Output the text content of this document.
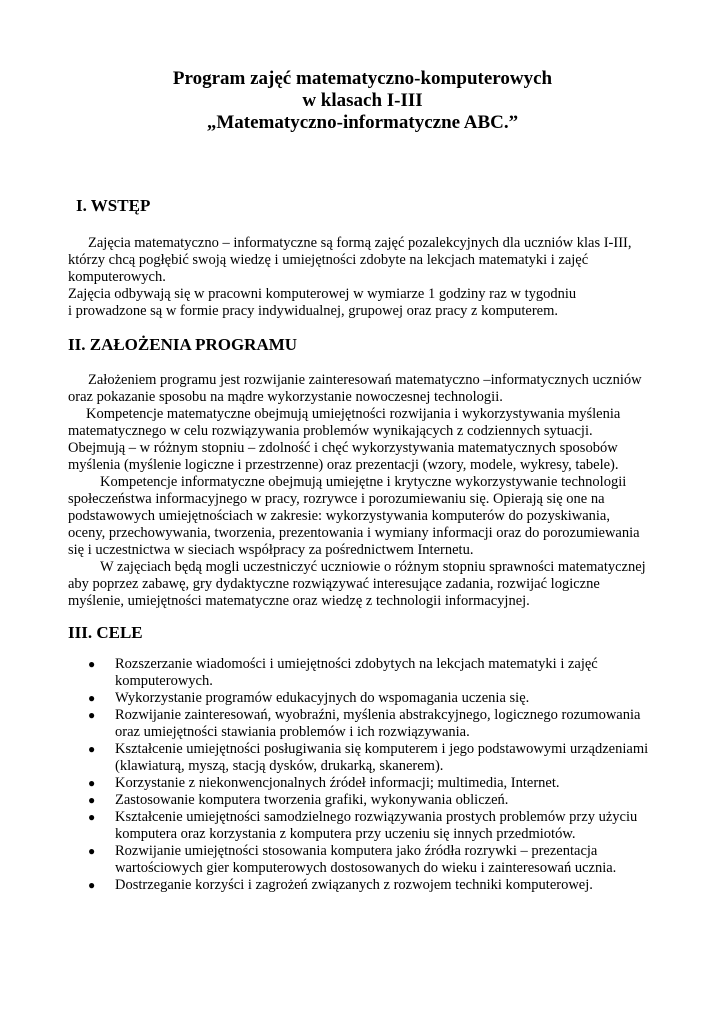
Program zajęć matematyczno-komputerowych
w klasach I-III
„Matematyczno-informatyczne ABC.”
I. WSTĘP
Zajęcia matematyczno – informatyczne są formą zajęć pozalekcyjnych dla uczniów klas I-III,
którzy chcą pogłębić swoją wiedzę i umiejętności zdobyte na lekcjach matematyki i zajęć
komputerowych.
Zajęcia odbywają się w pracowni komputerowej w wymiarze 1 godziny raz w tygodniu
i prowadzone są w formie pracy indywidualnej, grupowej oraz pracy z komputerem.
II. ZAŁOŻENIA PROGRAMU
Założeniem programu jest rozwijanie zainteresowań matematyczno –informatycznych uczniów
oraz pokazanie sposobu na mądre wykorzystanie nowoczesnej technologii.
Kompetencje matematyczne obejmują umiejętności rozwijania i wykorzystywania myślenia
matematycznego w celu rozwiązywania problemów wynikających z codziennych sytuacji.
Obejmują – w różnym stopniu – zdolność i chęć wykorzystywania matematycznych sposobów
myślenia (myślenie logiczne i przestrzenne) oraz prezentacji (wzory, modele, wykresy, tabele).
Kompetencje informatyczne obejmują umiejętne i krytyczne wykorzystywanie technologii
społeczeństwa informacyjnego w pracy, rozrywce i porozumiewaniu się. Opierają się one na
podstawowych umiejętnościach w zakresie: wykorzystywania komputerów do pozyskiwania,
oceny, przechowywania, tworzenia, prezentowania i wymiany informacji oraz do porozumiewania
się i uczestnictwa w sieciach współpracy za pośrednictwem Internetu.
W zajęciach będą mogli uczestniczyć uczniowie o różnym stopniu sprawności matematycznej
aby poprzez zabawę, gry dydaktyczne rozwiązywać interesujące zadania, rozwijać logiczne
myślenie, umiejętności matematyczne oraz wiedzę z technologii informacyjnej.
III. CELE
● Rozszerzanie wiadomości i umiejętności zdobytych na lekcjach matematyki i zajęć
komputerowych.
● Wykorzystanie programów edukacyjnych do wspomagania uczenia się.
● Rozwijanie zainteresowań, wyobraźni, myślenia abstrakcyjnego, logicznego rozumowania
oraz umiejętności stawiania problemów i ich rozwiązywania.
● Kształcenie umiejętności posługiwania się komputerem i jego podstawowymi urządzeniami
(klawiaturą, myszą, stacją dysków, drukarką, skanerem).
● Korzystanie z niekonwencjonalnych źródeł informacji; multimedia, Internet.
● Zastosowanie komputera tworzenia grafiki, wykonywania obliczeń.
● Kształcenie umiejętności samodzielnego rozwiązywania prostych problemów przy użyciu
komputera oraz korzystania z komputera przy uczeniu się innych przedmiotów.
● Rozwijanie umiejętności stosowania komputera jako źródła rozrywki – prezentacja
wartościowych gier komputerowych dostosowanych do wieku i zainteresowań ucznia.
● Dostrzeganie korzyści i zagrożeń związanych z rozwojem techniki komputerowej.
